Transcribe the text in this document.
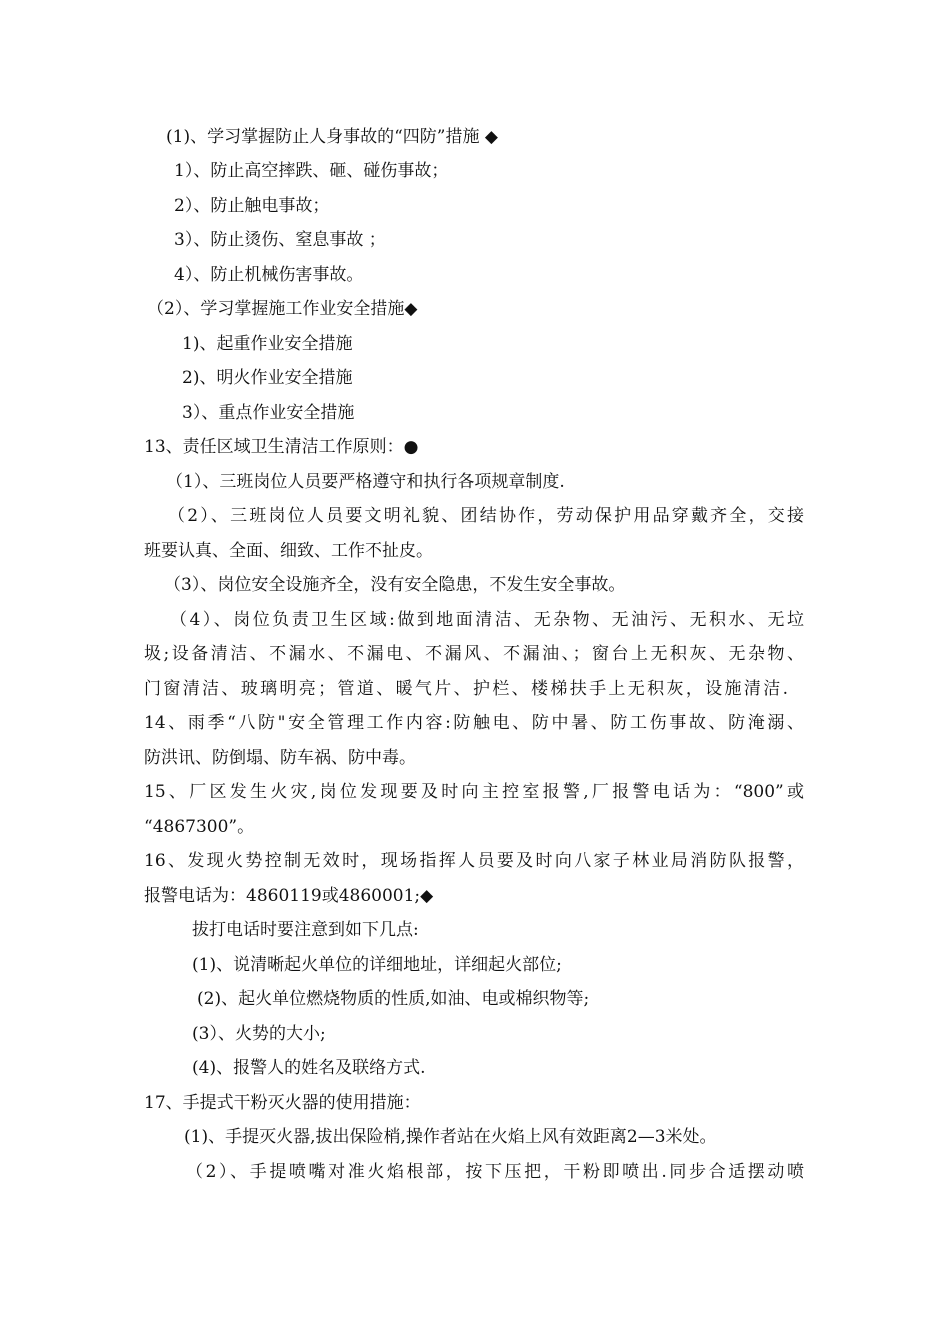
(1)、学习掌握防止人身事故的“四防”措施 ◆
1）、防止高空摔跌、砸、碰伤事故；
2）、防止触电事故；
3）、防止烫伤、窒息事故 ；
4）、防止机械伤害事故。
（2）、学习掌握施工作业安全措施◆
1)、起重作业安全措施
2)、明火作业安全措施
3）、重点作业安全措施
13、责任区域卫生清洁工作原则：●
（1）、三班岗位人员要严格遵守和执行各项规章制度.
（2）、三班岗位人员要文明礼貌、团结协作，劳动保护用品穿戴齐全，交接
班要认真、全面、细致、工作不扯皮。
（3）、岗位安全设施齐全，没有安全隐患，不发生安全事故。
（4）、岗位负责卫生区域:做到地面清洁、无杂物、无油污、无积水、无垃
圾;设备清洁、不漏水、不漏电、不漏风、不漏油、；窗台上无积灰、无杂物、
门窗清洁、玻璃明亮；管道、暖气片、护栏、楼梯扶手上无积灰，设施清洁.
14、雨季“八防"安全管理工作内容:防触电、防中暑、防工伤事故、防淹溺、
防洪讯、防倒塌、防车祸、防中毒。
15、厂区发生火灾,岗位发现要及时向主控室报警,厂报警电话为：“800”或
“4867300”。
16、发现火势控制无效时，现场指挥人员要及时向八家子林业局消防队报警，
报警电话为：4860119或4860001;◆
拔打电话时要注意到如下几点:
(1)、说清晰起火单位的详细地址，详细起火部位;
(2)、起火单位燃烧物质的性质,如油、电或棉织物等;
(3）、火势的大小;
(4)、报警人的姓名及联络方式.
17、手提式干粉灭火器的使用措施：
(1)、手提灭火器,拔出保险梢,操作者站在火焰上风有效距离2—3米处。
（2）、手提喷嘴对准火焰根部，按下压把，干粉即喷出.同步合适摆动喷
